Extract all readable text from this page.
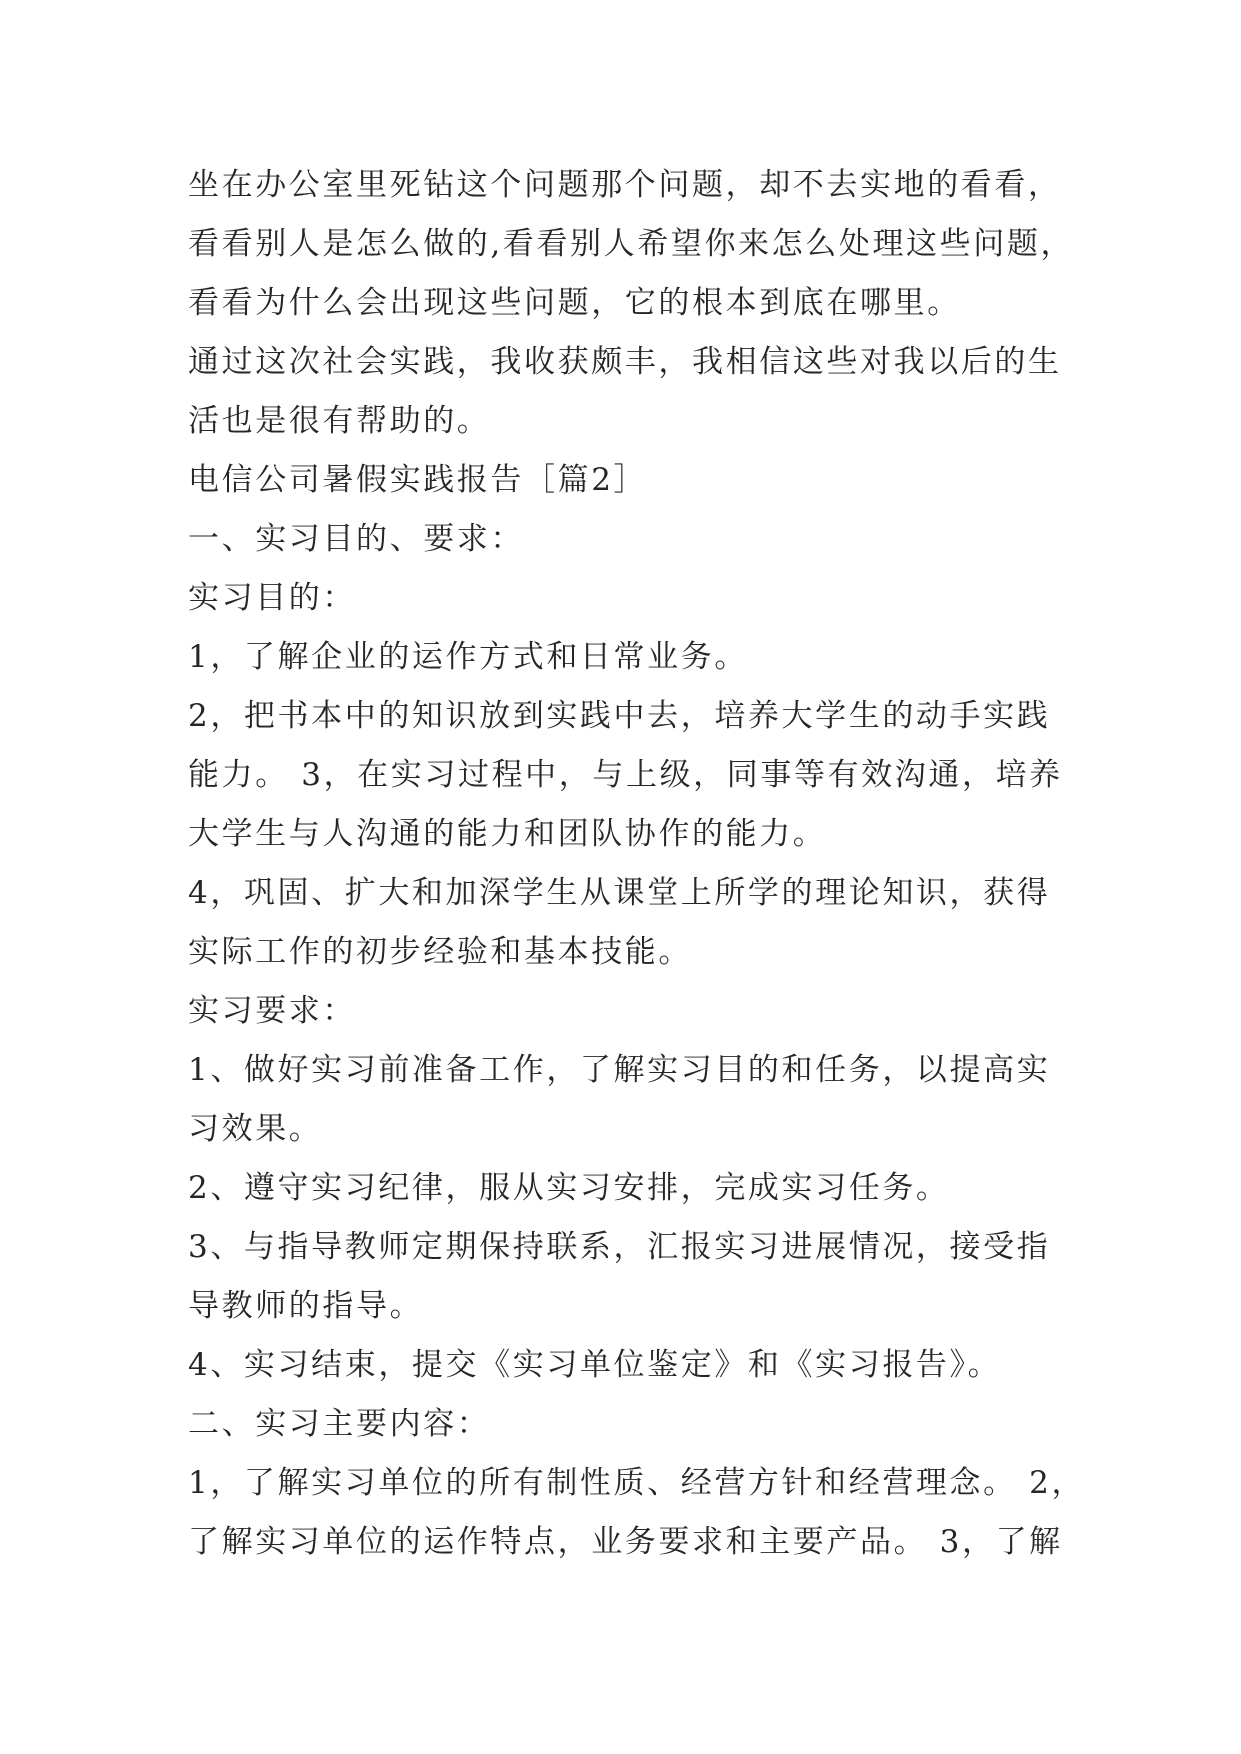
坐在办公室里死钻这个问题那个问题，却不去实地的看看，
看看别人是怎么做的,看看别人希望你来怎么处理这些问题，
看看为什么会出现这些问题，它的根本到底在哪里。
通过这次社会实践，我收获颇丰，我相信这些对我以后的生
活也是很有帮助的。
电信公司暑假实践报告［篇2］
一、实习目的、要求：
实习目的：
1，了解企业的运作方式和日常业务。
2，把书本中的知识放到实践中去，培养大学生的动手实践
能力。 3，在实习过程中，与上级，同事等有效沟通，培养
大学生与人沟通的能力和团队协作的能力。
4，巩固、扩大和加深学生从课堂上所学的理论知识，获得
实际工作的初步经验和基本技能。
实习要求：
1、做好实习前准备工作，了解实习目的和任务，以提高实
习效果。
2、遵守实习纪律，服从实习安排，完成实习任务。
3、与指导教师定期保持联系，汇报实习进展情况，接受指
导教师的指导。
4、实习结束，提交《实习单位鉴定》和《实习报告》。
二、实习主要内容：
1，了解实习单位的所有制性质、经营方针和经营理念。 2，
了解实习单位的运作特点，业务要求和主要产品。 3，了解
